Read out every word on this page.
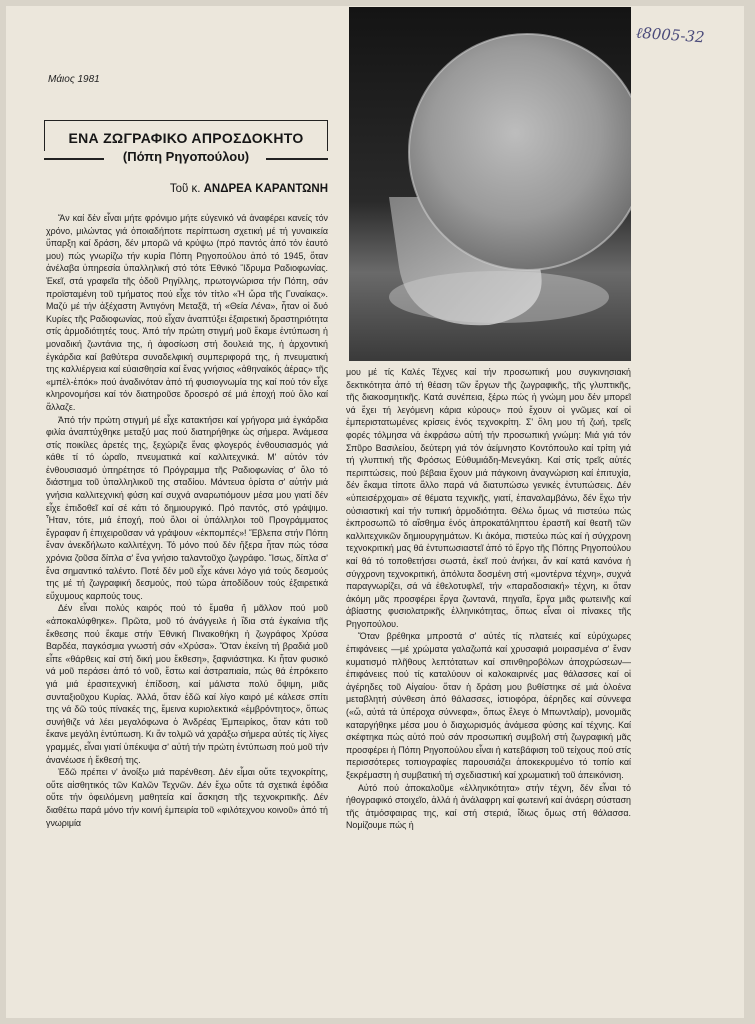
ℓ8005-32
Μάιος 1981
ΕΝΑ ΖΩΓΡΑΦΙΚΟ ΑΠΡΟΣΔΟΚΗΤΟ
(Πόπη Ρηγοπούλου)
Τοῦ κ. ΑΝΔΡΕΑ ΚΑΡΑΝΤΩΝΗ

Ἄν καί δέν εἶναι μήτε φρόνιμο μήτε εὐγενικό νά ἀναφέρει κανείς τόν χρόνο, μιλώντας γιά ὁποιαδήποτε περίπτωση σχετική μέ τή γυναικεία ὕπαρξη καί δράση, δέν μπορῶ νά κρύψω (πρό παντός ἀπό τόν ἑαυτό μου) πώς γνωρίζω τήν κυρία Πόπη Ρηγοπούλου ἀπό τό 1945, ὅταν ἀνέλαβα ὑπηρεσία ὑπαλληλική στό τότε Ἐθνικό Ἵδρυμα Ραδιοφωνίας. Ἐκεῖ, στά γραφεῖα τῆς ὁδοῦ Ρηγίλλης, πρωτογνώρισα τήν Πόπη, σάν προϊσταμένη τοῦ τμήματος πού εἶχε τόν τίτλο «Ἡ ὥρα τῆς Γυναίκας». Μαζύ μέ τήν ἀξέχαστη Ἀντιγόνη Μεταξᾶ, τή «Θεία Λένα», ἦταν οἱ δυό Κυρίες τῆς Ραδιοφωνίας, πού εἶχαν ἀναπτύξει ἐξαιρετική δραστηριότητα στίς ἁρμοδιότητές τους. Ἀπό τήν πρώτη στιγμή μοῦ ἔκαμε ἐντύπωση ἡ μοναδική ζωντάνια της, ἡ ἀφοσίωση στή δουλειά της, ἡ ἀρχοντική ἐγκάρδια καί βαθύτερα συναδελφική συμπεριφορά της, ἡ πνευματική της καλλιέργεια καί εὐαισθησία καί ἕνας γνήσιος «ἀθηναίκός ἀέρας» τῆς «μπέλ-ἐπόκ» πού ἀναδινόταν ἀπό τή φυσιογνωμία της καί πού τόν εἶχε κληρονομήσει καί τόν διατηροῦσε δροσερό σέ μιά ἐποχή πού ὅλο καί ἄλλαζε.

Ἀπό τήν πρώτη στιγμή μέ εἶχε κατακτήσει καί γρήγορα μιά ἐγκάρδια φιλία ἀναπτύχθηκε μεταξύ μας πού διατηρήθηκε ὡς σήμερα. Ἀνάμεσα στίς ποικίλες ἀρετές της, ξεχώριζε ἕνας φλογερός ἐνθουσιασμός γιά κάθε τί τό ὡραῖο, πνευματικά καί καλλιτεχνικά. Μ' αὐτόν τόν ἐνθουσιασμό ὑπηρέτησε τό Πρόγραμμα τῆς Ραδιοφωνίας σ' ὅλο τό διάστημα τοῦ ὑπαλληλικοῦ της σταδίου. Μάντευα ὁρίστα σ' αὐτήν μιά γνήσια καλλιτεχνική φύση καί συχνά αναρωτιόμουν μέσα μου γιατί δέν εἶχε ἐπιδοθεῖ καί σέ κάτι τό δημιουργικό. Πρό παντός, στό γράψιμο. Ἦταν, τότε, μιά ἐποχή, πού ὅλοι οἱ ὑπάλληλοι τοῦ Προγράμματος ἔγραφαν ἤ ἐπιχειροῦσαν νά γράψουν «ἐκπομπές»! Ἔβλεπα στήν Πόπη ἕναν ἀνεκδήλωτο καλλιτέχνη. Τό μόνο πού δέν ἤξερα ἦταν πώς τόσα χρόνια ζοῦσα δίπλα σ' ἕνα γνήσιο ταλαντοῦχο ζωγράφο. Ἴσως, δίπλα σ' ἕνα σημαντικό ταλέντο. Ποτέ δέν μοῦ εἶχε κάνει λόγο γιά τούς δεσμούς της μέ τή ζωγραφική δεσμούς, πού τώρα ἀποδίδουν τούς ἐξαιρετικά εὔχυμους καρπούς τους.

Δέν εἶναι πολύς καιρός πού τό ἔμαθα ἤ μᾶλλον πού μοῦ «ἀποκαλύφθηκε». Πρῶτα, μοῦ τό ἀνάγγειλε ἡ ἴδια στά ἐγκαίνια τῆς ἔκθεσης πού ἔκαμε στήν Ἐθνική Πινακοθήκη ἡ ζωγράφος Χρύσα Βαρδέα, παγκόσμια γνωστή σάν «Χρύσα». Ὅταν ἐκείνη τή βραδιά μοῦ εἶπε «θάρθεις καί στή δική μου ἔκθεση», ξαφνιάστηκα. Κι ἦταν φυσικό νά μοῦ περάσει ἀπό τό νοῦ, ἔστω καί ἀστραπιαία, πώς θά ἐπρόκειτο γιά μιά ἐρασιτεχνική ἐπίδοση, καί μάλιστα πολύ ὄψιμη, μιᾶς συνταξιοῦχου Κυρίας. Ἀλλά, ὅταν ἐδῶ καί λίγο καιρό μέ κάλεσε σπίτι της νά δῶ τούς πίνακές της, ἔμεινα κυριολεκτικά «ἐμβρόντητος», ὅπως συνήθιζε νά λέει μεγαλόφωνα ὁ Ἀνδρέας Ἐμπειρίκος, ὅταν κάτι τοῦ ἔκανε μεγάλη ἐντύπωση. Κι ἄν τολμῶ νά χαράξω σήμερα αὐτές τίς λίγες γραμμές, εἶναι γιατί ὑπέκυψα σ' αὐτή τήν πρώτη ἐντύπωση πού μοῦ τήν ἀνανέωσε ἡ ἔκθεσή της.

Ἐδῶ πρέπει ν' ἀνοίξω μιά παρένθεση. Δέν εἶμαι οὔτε τεχνοκρίτης, οὔτε αἰσθητικός τῶν Καλῶν Τεχνῶν. Δέν ἔχω οὔτε τά σχετικά ἐφόδια οὔτε τήν ὀφειλόμενη μαθητεία καί ἄσκηση τῆς τεχνοκριτικῆς. Δέν διαθέτω παρά μόνο τήν κοινή ἐμπειρία τοῦ «φιλότεχνου κοινοῦ» ἀπό τή γνωριμία

μου μέ τίς Καλές Τέχνες καί τήν προσωπική μου συγκινησιακή δεκτικότητα ἀπό τή θέαση τῶν ἔργων τῆς ζωγραφικῆς, τῆς γλυπτικῆς, τῆς διακοσμητικῆς. Κατά συνέπεια, ξέρω πώς ἡ γνώμη μου δέν μπορεῖ νά ἔχει τή λεγόμενη κάρια κύρους» πού ἔχουν οἱ γνῶμες καί οἱ ἐμπεριστατωμένες κρίσεις ἑνός τεχνοκρίτη. Σ' ὅλη μου τή ζωή, τρεῖς φορές τόλμησα νά ἐκφράσω αὐτή τήν προσωπική γνώμη: Μιά γιά τόν Σπῦρο Βασιλείου, δεύτερη γιά τόν ἀείμνηστο Κοντόπουλο καί τρίτη γιά τή γλυπτική τῆς Φρόσως Εὐθυμιάδη-Μενεγάκη. Καί στίς τρεῖς αὐτές περιπτώσεις, πού βέβαια ἔχουν μιά πάγκοινη ἀναγνώριση καί ἐπιτυχία, δέν ἔκαμα τίποτε ἄλλο παρά νά διατυπώσω γενικές ἐντυπώσεις. Δέν «ὑπεισέρχομαι» σέ θέματα τεχνικῆς, γιατί, ἐπαναλαμβάνω, δέν ἔχω τήν οὐσιαστική καί τήν τυπική ἁρμοδιότητα. Θέλω ὅμως νά πιστεύω πώς ἐκπροσωπῶ τό αἴσθημα ἑνός ἀπροκατάληπτου ἐραστῆ καί θεατῆ τῶν καλλιτεχνικῶν δημιουργημάτων. Κι ἀκόμα, πιστεύω πώς καί ἡ σύγχρονη τεχνοκριτική μας θά ἐντυπωσιαστεῖ ἀπό τό ἔργο τῆς Πόπης Ρηγοπούλου καί θά τό τοποθετήσει σωστά, ἐκεῖ πού ἀνήκει, ἄν καί κατά κανόνα ἡ σύγχρονη τεχνοκριτική, ἀπόλυτα δοσμένη στή «μοντέρνα τέχνη», συχνά παραγνωρίζει, σά νά ἐθελοτυφλεῖ, τήν «παραδοσιακή» τέχνη, κι ὅταν ἀκόμη μᾶς προσφέρει ἔργα ζωντανά, πηγαῖα, ἔργα μιᾶς φωτεινῆς καί ἀβίαστης φυσιολατρικῆς ἑλληνικότητας, ὅπως εἶναι οἱ πίνακες τῆς Ρηγοπούλου.

Ὅταν βρέθηκα μπροστά σ' αὐτές τίς πλατειές καί εὐρύχωρες ἐπιφάνειες —μέ χρώματα γαλαζωπά καί χρυσαφιά μοιρασμένα σ' ἕναν κυματισμό πλῆθους λεπτότατων καί σπινθηροβόλων ἀποχρώσεων— ἐπιφάνειες πού τίς καταλύουν οἱ καλοκαιρινές μας θάλασσες καί οἱ ἀγέρηδες τοῦ Αἰγαίου· ὅταν ἡ δράση μου βυθίστηκε σέ μιά ὁλοένα μεταβλητή σύνθεση ἀπό θάλασσες, ἰστιοφόρα, ἀέρηδες καί σύννεφα («ὤ, αὐτά τά ὑπέροχα σύννεφα», ὅπως ἔλεγε ὁ Μπωντλαίρ), μονομιᾶς καταργήθηκε μέσα μου ὁ διαχωρισμός ἀνάμεσα φύσης καί τέχνης. Καί σκέφτηκα πώς αὐτό πού σάν προσωπική συμβολή στή ζωγραφική μᾶς προσφέρει ἡ Πόπη Ρηγοπούλου εἶναι ἡ κατεβάφιση τοῦ τείχους πού στίς περισσότερες τοπιογραφίες παρουσιάζει ἀποκεκρυμένο τό τοπίο καί ξεκρέμαστη ἡ συμβατική τή σχεδιαστική καί χρωματική τοῦ ἀπεικόνιση.

Αὐτό πού ἀποκαλοῦμε «ἑλληνικότητα» στήν τέχνη, δέν εἶναι τό ἠθογραφικό στοιχεῖο, ἀλλά ἡ ἀνάλαφρη καί φωτεινή καί ἀνάερη σύσταση τῆς ἀτμόσφαιρας της, καί στή στεριά, ἴδιως ὅμως στή θάλασσα. Νομίζουμε πώς ἡ
